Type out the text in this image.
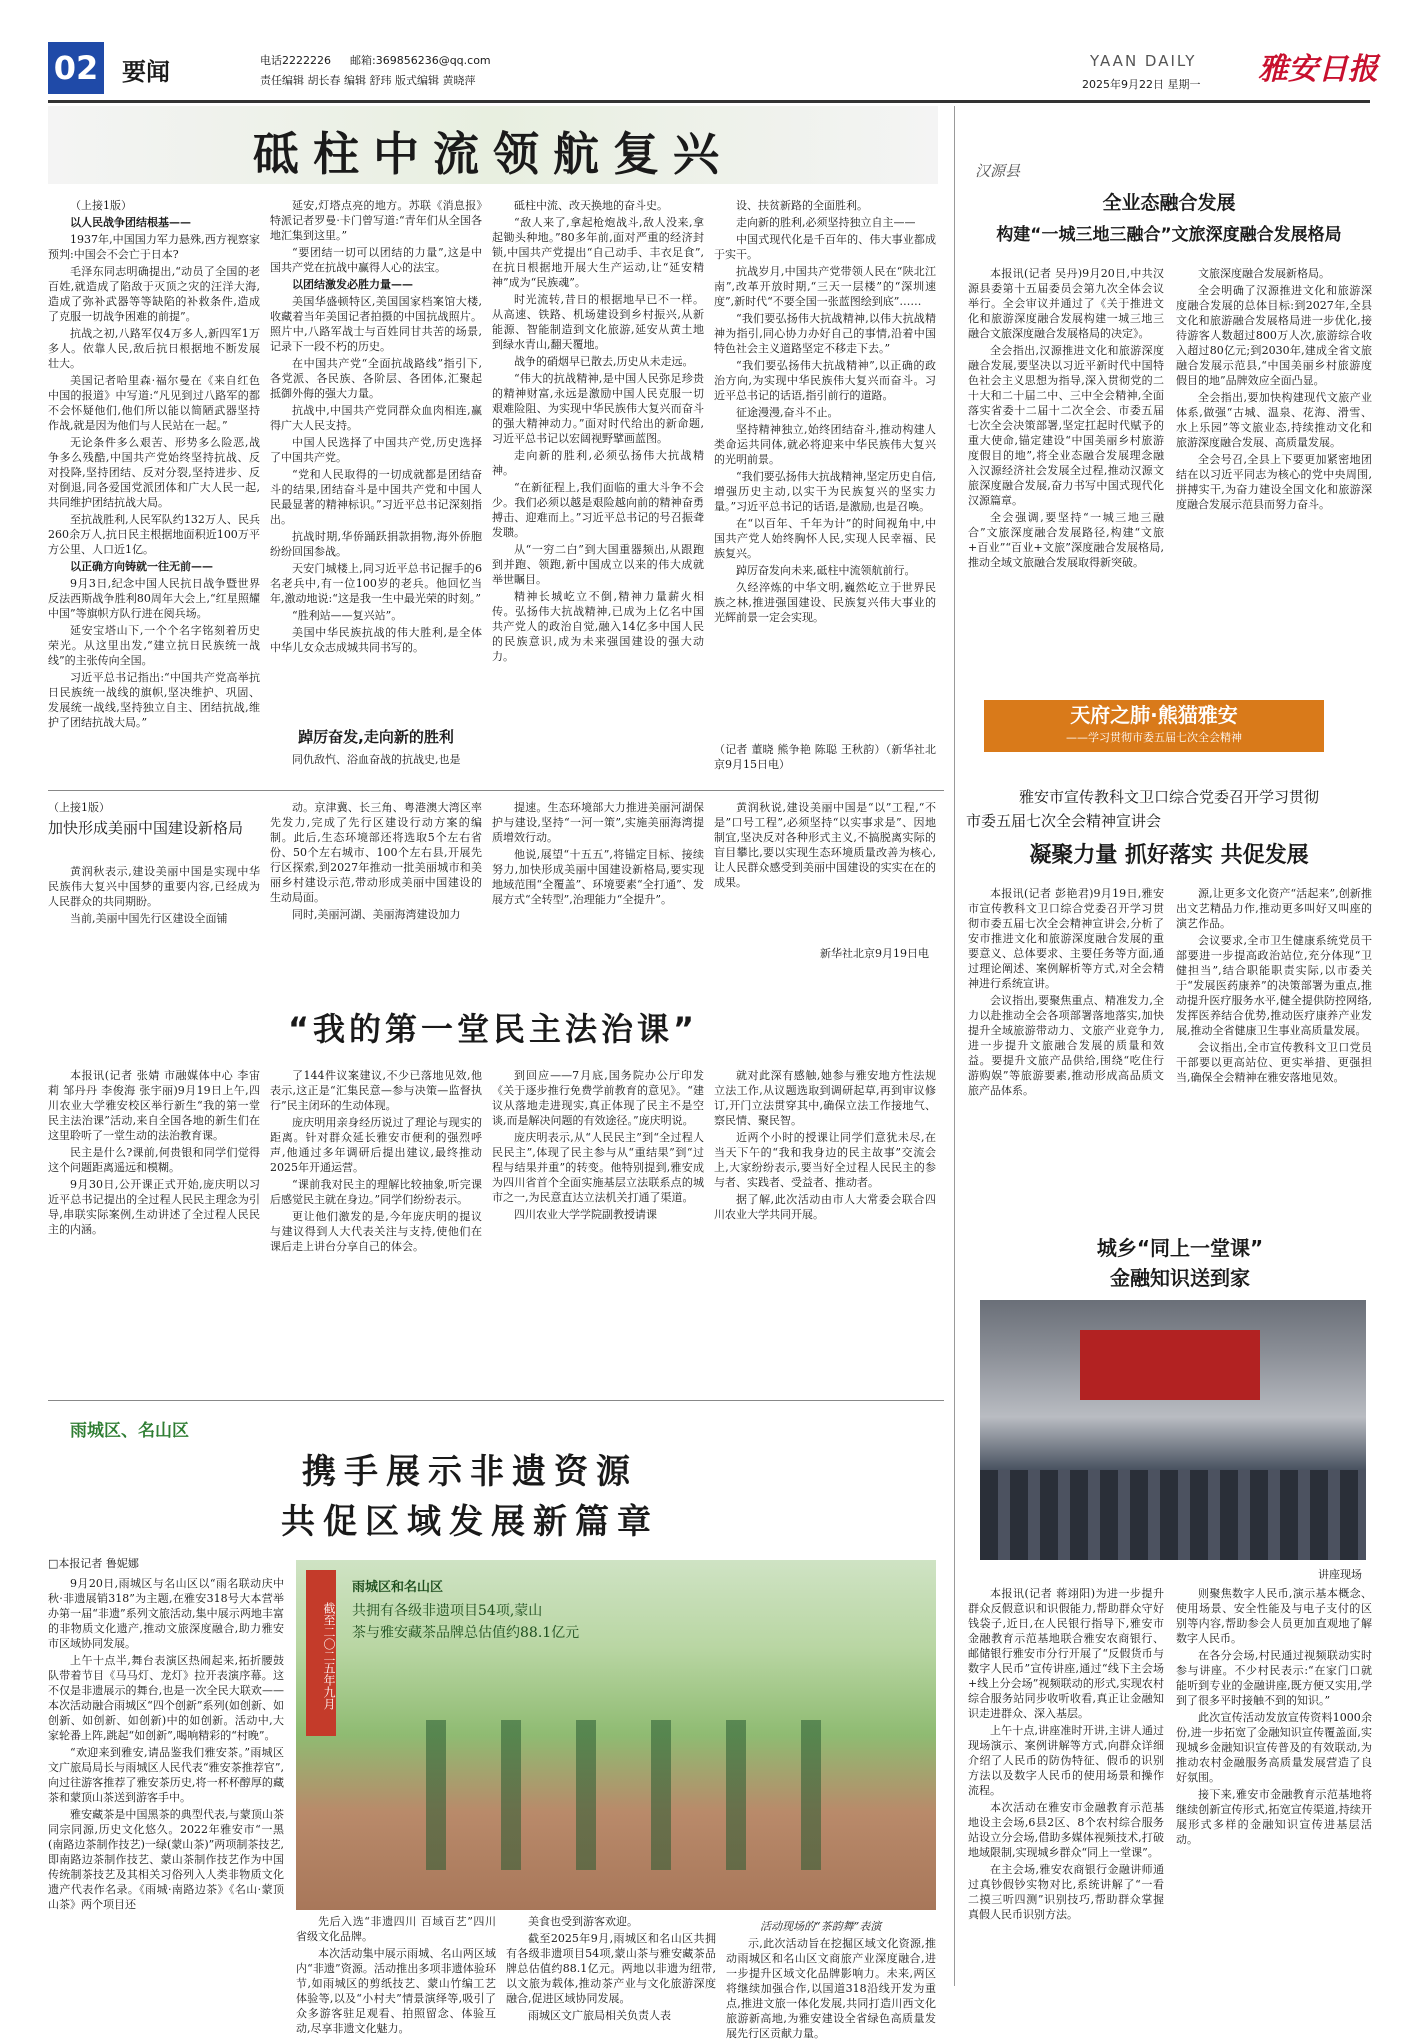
02 要闻	电话2222226 邮箱:369856236@qq.com
责任编辑 胡长春 编辑 舒玮 版式编辑 黄晓萍
YAAN DAILY
2025年9月22日 星期一 雅安日报
砥柱中流领航复兴

（上接1版）

以人民战争团结根基——

1937年,中国国力军力悬殊,西方视察家预判:中国会不会亡于日本?

毛泽东同志明确提出,“动员了全国的老百姓,就造成了陷敌于灭顶之灾的汪洋大海,造成了弥补武器等等缺陷的补救条件,造成了克服一切战争困难的前提”。

抗战之初,八路军仅4万多人,新四军1万多人。依靠人民,敌后抗日根据地不断发展壮大。

美国记者哈里森·福尔曼在《来自红色中国的报道》中写道:“凡见到过八路军的都不会怀疑他们,他们所以能以简陋武器坚持作战,就是因为他们与人民站在一起。”

无论条件多么艰苦、形势多么险恶,战争多么残酷,中国共产党始终坚持抗战、反对投降,坚持团结、反对分裂,坚持进步、反对倒退,同各爱国党派团体和广大人民一起,共同维护团结抗战大局。

至抗战胜利,人民军队约132万人、民兵260余万人,抗日民主根据地面积近100万平方公里、人口近1亿。

以正确方向铸就一往无前——

9月3日,纪念中国人民抗日战争暨世界反法西斯战争胜利80周年大会上,“红星照耀中国”等旗帜方队行进在阅兵场。

延安宝塔山下,一个个名字铭刻着历史荣光。从这里出发,“建立抗日民族统一战线”的主张传向全国。

习近平总书记指出:“中国共产党高举抗日民族统一战线的旗帜,坚决维护、巩固、发展统一战线,坚持独立自主、团结抗战,维护了团结抗战大局。”

延安,灯塔点亮的地方。苏联《消息报》特派记者罗曼·卡门曾写道:“青年们从全国各地汇集到这里。”

“要团结一切可以团结的力量”,这是中国共产党在抗战中赢得人心的法宝。

以团结激发必胜力量——

美国华盛顿特区,美国国家档案馆大楼,收藏着当年美国记者拍摄的中国抗战照片。照片中,八路军战士与百姓同甘共苦的场景,记录下一段不朽的历史。

在中国共产党“全面抗战路线”指引下,各党派、各民族、各阶层、各团体,汇聚起抵御外侮的强大力量。

抗战中,中国共产党同群众血肉相连,赢得广大人民支持。

中国人民选择了中国共产党,历史选择了中国共产党。

“党和人民取得的一切成就都是团结奋斗的结果,团结奋斗是中国共产党和中国人民最显著的精神标识。”习近平总书记深刻指出。

抗战时期,华侨踊跃捐款捐物,海外侨胞纷纷回国参战。

天安门城楼上,同习近平总书记握手的6名老兵中,有一位100岁的老兵。他回忆当年,激动地说:“这是我一生中最光荣的时刻。”

“胜利站——复兴站”。

美国中华民族抗战的伟大胜利,是全体中华儿女众志成城共同书写的。

踔厉奋发,走向新的胜利

同仇敌忾、浴血奋战的抗战史,也是

砥柱中流、改天换地的奋斗史。

“敌人来了,拿起枪炮战斗,敌人没来,拿起锄头种地。”80多年前,面对严重的经济封锁,中国共产党提出“自己动手、丰衣足食”,在抗日根据地开展大生产运动,让“延安精神”成为“民族魂”。

时光流转,昔日的根据地早已不一样。从高速、铁路、机场建设到乡村振兴,从新能源、智能制造到文化旅游,延安从黄土地到绿水青山,翻天覆地。

战争的硝烟早已散去,历史从未走远。

“伟大的抗战精神,是中国人民弥足珍贵的精神财富,永远是激励中国人民克服一切艰难险阻、为实现中华民族伟大复兴而奋斗的强大精神动力。”面对时代给出的新命题,习近平总书记以宏阔视野擘画蓝图。

走向新的胜利,必须弘扬伟大抗战精神。

“在新征程上,我们面临的重大斗争不会少。我们必须以越是艰险越向前的精神奋勇搏击、迎难而上。”习近平总书记的号召振聋发聩。

从“一穷二白”到大国重器频出,从跟跑到并跑、领跑,新中国成立以来的伟大成就举世瞩目。

精神长城屹立不倒,精神力量薪火相传。弘扬伟大抗战精神,已成为上亿名中国共产党人的政治自觉,融入14亿多中国人民的民族意识,成为未来强国建设的强大动力。

设、扶贫新路的全面胜利。

走向新的胜利,必须坚持独立自主——

中国式现代化是千百年的、伟大事业都成于实干。

抗战岁月,中国共产党带领人民在“陕北江南”,改革开放时期,“三天一层楼”的“深圳速度”,新时代“不要全国一张蓝图绘到底”……

“我们要弘扬伟大抗战精神,以伟大抗战精神为指引,同心协力办好自己的事情,沿着中国特色社会主义道路坚定不移走下去。”

“我们要弘扬伟大抗战精神”,以正确的政治方向,为实现中华民族伟大复兴而奋斗。习近平总书记的话语,指引前行的道路。

征途漫漫,奋斗不止。

坚持精神独立,始终团结奋斗,推动构建人类命运共同体,就必将迎来中华民族伟大复兴的光明前景。

“我们要弘扬伟大抗战精神,坚定历史自信,增强历史主动,以实干为民族复兴的坚实力量。”习近平总书记的话语,是激励,也是召唤。

在“以百年、千年为计”的时间视角中,中国共产党人始终胸怀人民,实现人民幸福、民族复兴。

踔厉奋发向未来,砥柱中流领航前行。

久经淬炼的中华文明,巍然屹立于世界民族之林,推进强国建设、民族复兴伟大事业的光辉前景一定会实现。

（记者 董晓 熊争艳 陈聪 王秋韵）（新华社北京9月15日电）
汉源县
全业态融合发展
构建“一城三地三融合”文旅深度融合发展格局

本报讯(记者 吴丹)9月20日,中共汉源县委第十五届委员会第九次全体会议举行。全会审议并通过了《关于推进文化和旅游深度融合发展构建一城三地三融合文旅深度融合发展格局的决定》。

全会指出,汉源推进文化和旅游深度融合发展,要坚决以习近平新时代中国特色社会主义思想为指导,深入贯彻党的二十大和二十届二中、三中全会精神,全面落实省委十二届十二次全会、市委五届七次全会决策部署,坚定扛起时代赋予的重大使命,锚定建设“中国美丽乡村旅游度假目的地”,将全业态融合发展理念融入汉源经济社会发展全过程,推动汉源文旅深度融合发展,奋力书写中国式现代化汉源篇章。

全会强调,要坚持“一城三地三融合”文旅深度融合发展路径,构建“文旅+百业”“百业+文旅”深度融合发展格局,推动全域文旅融合发展取得新突破。

文旅深度融合发展新格局。

全会明确了汉源推进文化和旅游深度融合发展的总体目标:到2027年,全县文化和旅游融合发展格局进一步优化,接待游客人数超过800万人次,旅游综合收入超过80亿元;到2030年,建成全省文旅融合发展示范县,“中国美丽乡村旅游度假目的地”品牌效应全面凸显。

全会指出,要加快构建现代文旅产业体系,做强“古城、温泉、花海、滑雪、水上乐园”等文旅业态,持续推动文化和旅游深度融合发展、高质量发展。

全会号召,全县上下要更加紧密地团结在以习近平同志为核心的党中央周围,拼搏实干,为奋力建设全国文化和旅游深度融合发展示范县而努力奋斗。

天府之肺·熊猫雅安
——学习贯彻市委五届七次全会精神
雅安市宣传教科文卫口综合党委召开学习贯彻
市委五届七次全会精神宣讲会
凝聚力量 抓好落实 共促发展

本报讯(记者 彭艳君)9月19日,雅安市宣传教科文卫口综合党委召开学习贯彻市委五届七次全会精神宣讲会,分析了安市推进文化和旅游深度融合发展的重要意义、总体要求、主要任务等方面,通过理论阐述、案例解析等方式,对全会精神进行系统宣讲。

会议指出,要聚焦重点、精准发力,全力以赴推动全会各项部署落地落实,加快提升全域旅游带动力、文旅产业竞争力,进一步提升文旅融合发展的质量和效益。要提升文旅产品供给,围绕“吃住行游购娱”等旅游要素,推动形成高品质文旅产品体系。

源,让更多文化资产“活起来”,创新推出文艺精品力作,推动更多叫好又叫座的演艺作品。

会议要求,全市卫生健康系统党员干部要进一步提高政治站位,充分体现“卫健担当”,结合职能职责实际,以市委关于“发展医药康养”的决策部署为重点,推动提升医疗服务水平,健全提供防控网络,发挥医养结合优势,推动医疗康养产业发展,推动全省健康卫生事业高质量发展。

会议指出,全市宣传教科文卫口党员干部要以更高站位、更实举措、更强担当,确保全会精神在雅安落地见效。

城乡“同上一堂课”
金融知识送到家
讲座现场

本报讯(记者 蒋翊阳)为进一步提升群众反假意识和识假能力,帮助群众守好钱袋子,近日,在人民银行指导下,雅安市金融教育示范基地联合雅安农商银行、邮储银行雅安市分行开展了“反假货币与数字人民币”宣传讲座,通过“线下主会场+线上分会场”视频联动的形式,实现农村综合服务站同步收听收看,真正让金融知识走进群众、深入基层。

上午十点,讲座准时开讲,主讲人通过现场演示、案例讲解等方式,向群众详细介绍了人民币的防伪特征、假币的识别方法以及数字人民币的使用场景和操作流程。

本次活动在雅安市金融教育示范基地设主会场,6县2区、8个农村综合服务站设立分会场,借助多媒体视频技术,打破地域限制,实现城乡群众“同上一堂课”。

在主会场,雅安农商银行金融讲师通过真钞假钞实物对比,系统讲解了“一看二摸三听四测”识别技巧,帮助群众掌握真假人民币识别方法。

则聚焦数字人民币,演示基本概念、使用场景、安全性能及与电子支付的区别等内容,帮助参会人员更加直观地了解数字人民币。

在各分会场,村民通过视频联动实时参与讲座。不少村民表示:“在家门口就能听到专业的金融讲座,既方便又实用,学到了很多平时接触不到的知识。”

此次宣传活动发放宣传资料1000余份,进一步拓宽了金融知识宣传覆盖面,实现城乡金融知识宣传普及的有效联动,为推动农村金融服务高质量发展营造了良好氛围。

接下来,雅安市金融教育示范基地将继续创新宣传形式,拓宽宣传渠道,持续开展形式多样的金融知识宣传进基层活动。

（上接1版）
加快形成美丽中国建设新格局

黄润秋表示,建设美丽中国是实现中华民族伟大复兴中国梦的重要内容,已经成为人民群众的共同期盼。

当前,美丽中国先行区建设全面铺

动。京津冀、长三角、粤港澳大湾区率先发力,完成了先行区建设行动方案的编制。此后,生态环境部还将选取5个左右省份、50个左右城市、100个左右县,开展先行区探索,到2027年推动一批美丽城市和美丽乡村建设示范,带动形成美丽中国建设的生动局面。

同时,美丽河湖、美丽海湾建设加力

提速。生态环境部大力推进美丽河湖保护与建设,坚持“一河一策”,实施美丽海湾提质增效行动。

他说,展望“十五五”,将锚定目标、接续努力,加快形成美丽中国建设新格局,要实现地域范围“全覆盖”、环境要素“全打通”、发展方式“全转型”,治理能力“全提升”。

黄润秋说,建设美丽中国是“以”工程,“不是”口号工程”,必须坚持“以实事求是”、因地制宜,坚决反对各种形式主义,不搞脱离实际的盲目攀比,要以实现生态环境质量改善为核心,让人民群众感受到美丽中国建设的实实在在的成果。

新华社北京9月19日电
“我的第一堂民主法治课”

本报讯(记者 张婧 市融媒体中心 李宙莉 邹丹丹 李俊海 张宇丽)9月19日上午,四川农业大学雅安校区举行新生“我的第一堂民主法治课”活动,来自全国各地的新生们在这里聆听了一堂生动的法治教育课。

民主是什么?课前,何贵银和同学们觉得这个问题距离遥远和模糊。

9月30日,公开课正式开始,庞庆明以习近平总书记提出的全过程人民民主理念为引导,串联实际案例,生动讲述了全过程人民民主的内涵。

了144件议案建议,不少已落地见效,他表示,这正是“汇集民意—参与决策—监督执行”民主闭环的生动体现。

庞庆明用亲身经历说过了理论与现实的距离。针对群众延长雅安市便利的强烈呼声,他通过多年调研后提出建议,最终推动2025年开通运营。

“课前我对民主的理解比较抽象,听完课后感觉民主就在身边。”同学们纷纷表示。

更让他们激发的是,今年庞庆明的提议与建议得到人大代表关注与支持,使他们在课后走上讲台分享自己的体会。

到回应——7月底,国务院办公厅印发《关于逐步推行免费学前教育的意见》。“建议从落地走进现实,真正体现了民主不是空谈,而是解决问题的有效途径。”庞庆明说。

庞庆明表示,从“人民民主”到“全过程人民民主”,体现了民主参与从“重结果”到“过程与结果并重”的转变。他特别提到,雅安成为四川省首个全面实施基层立法联系点的城市之一,为民意直达立法机关打通了渠道。

四川农业大学学院副教授请课

就对此深有感触,她参与雅安地方性法规立法工作,从议题选取到调研起草,再到审议修订,开门立法贯穿其中,确保立法工作接地气、察民情、聚民智。

近两个小时的授课让同学们意犹未尽,在当天下午的“我和我身边的民主故事”交流会上,大家纷纷表示,要当好全过程人民民主的参与者、实践者、受益者、推动者。

据了解,此次活动由市人大常委会联合四川农业大学共同开展。

雨城区、名山区
携手展示非遗资源
共促区域发展新篇章
□本报记者 鲁妮娜

9月20日,雨城区与名山区以“雨名联动庆中秋·非遗展销318”为主题,在雅安318号大本营举办第一届“非遗”系列文旅活动,集中展示两地丰富的非物质文化遗产,推动文旅深度融合,助力雅安市区域协同发展。

上午十点半,舞台表演区热闹起来,拓折腰鼓队带着节目《马马灯、龙灯》拉开表演序幕。这不仅是非遗展示的舞台,也是一次全民大联欢——本次活动融合雨城区“四个创新”系列(如创新、如创新、如创新、如创新)中的如创新。活动中,大家轮番上阵,跳起“如创新”,喝响精彩的“村晚”。

“欢迎来到雅安,请品鉴我们雅安茶。”雨城区文广旅局局长与雨城区人民代表“雅安茶推荐官”,向过往游客推荐了雅安茶历史,将一杯杯醇厚的藏茶和蒙顶山茶送到游客手中。

雅安藏茶是中国黑茶的典型代表,与蒙顶山茶同宗同源,历史文化悠久。2022年雅安市“一黑(南路边茶制作技艺)一绿(蒙山茶)”两项制茶技艺,即南路边茶制作技艺、蒙山茶制作技艺作为中国传统制茶技艺及其相关习俗列入人类非物质文化遗产代表作名录。《雨城·南路边茶》《名山·蒙顶山茶》两个项目还

截至二〇二五年九月
雨城区和名山区
共拥有各级非遗项目54项,蒙山
茶与雅安藏茶品牌总估值约88.1亿元
活动现场的“茶韵舞”表演

先后入选“非遗四川 百域百艺”四川省级文化品牌。

本次活动集中展示雨城、名山两区域内“非遗”资源。活动推出多项非遗体验环节,如雨城区的剪纸技艺、蒙山竹编工艺体验等,以及“小村夫”情景演绎等,吸引了众多游客驻足观看、拍照留念、体验互动,尽享非遗文化魅力。

美食也受到游客欢迎。

截至2025年9月,雨城区和名山区共拥有各级非遗项目54项,蒙山茶与雅安藏茶品牌总估值约88.1亿元。两地以非遗为纽带,以文旅为载体,推动茶产业与文化旅游深度融合,促进区域协同发展。

雨城区文广旅局相关负责人表

示,此次活动旨在挖掘区域文化资源,推动雨城区和名山区文商旅产业深度融合,进一步提升区域文化品牌影响力。未来,两区将继续加强合作,以国道318沿线开发为重点,推进文旅一体化发展,共同打造川西文化旅游新高地,为雅安建设全省绿色高质量发展先行区贡献力量。
